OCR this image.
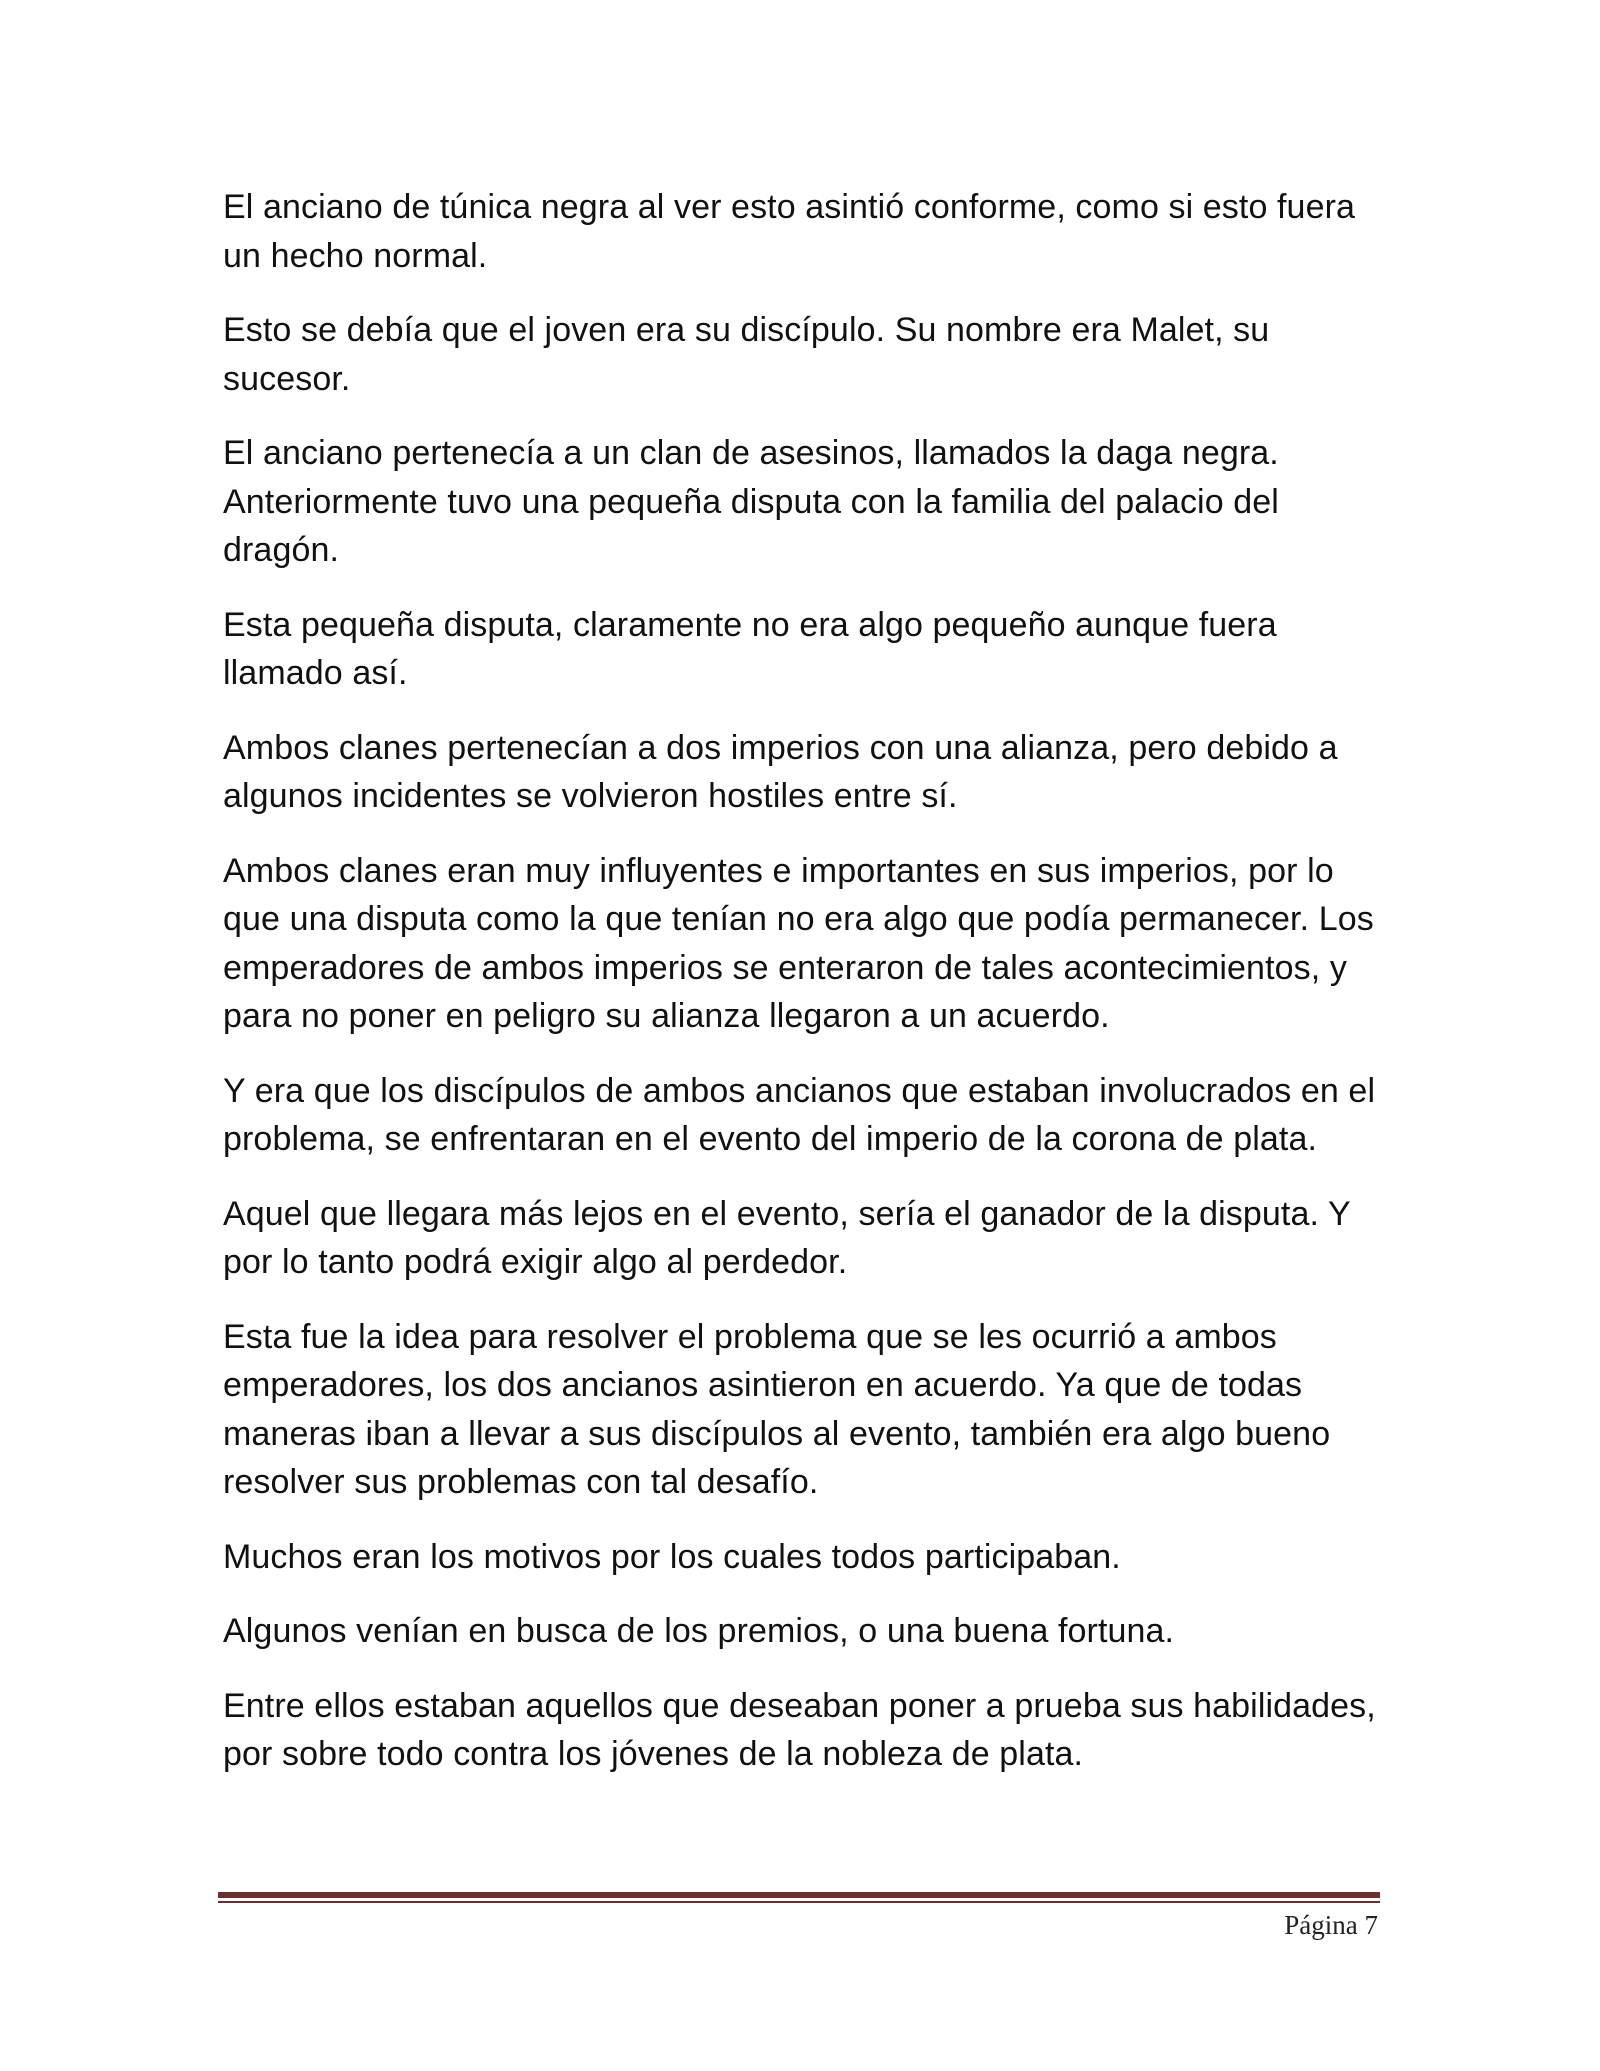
El anciano de túnica negra al ver esto asintió conforme, como si esto fuera un hecho normal.

Esto se debía que el joven era su discípulo. Su nombre era Malet, su sucesor.

El anciano pertenecía a un clan de asesinos, llamados la daga negra. Anteriormente tuvo una pequeña disputa con la familia del palacio del dragón.

Esta pequeña disputa, claramente no era algo pequeño aunque fuera llamado así.

Ambos clanes pertenecían a dos imperios con una alianza, pero debido a algunos incidentes se volvieron hostiles entre sí.

Ambos clanes eran muy influyentes e importantes en sus imperios, por lo que una disputa como la que tenían no era algo que podía permanecer. Los emperadores de ambos imperios se enteraron de tales acontecimientos, y para no poner en peligro su alianza llegaron a un acuerdo.

Y era que los discípulos de ambos ancianos que estaban involucrados en el problema, se enfrentaran en el evento del imperio de la corona de plata.

Aquel que llegara más lejos en el evento, sería el ganador de la disputa. Y por lo tanto podrá exigir algo al perdedor.

Esta fue la idea para resolver el problema que se les ocurrió a ambos emperadores, los dos ancianos asintieron en acuerdo. Ya que de todas maneras iban a llevar a sus discípulos al evento, también era algo bueno resolver sus problemas con tal desafío.

Muchos eran los motivos por los cuales todos participaban.

Algunos venían en busca de los premios, o una buena fortuna.

Entre ellos estaban aquellos que deseaban poner a prueba sus habilidades, por sobre todo contra los jóvenes de la nobleza de plata.

Página 7
